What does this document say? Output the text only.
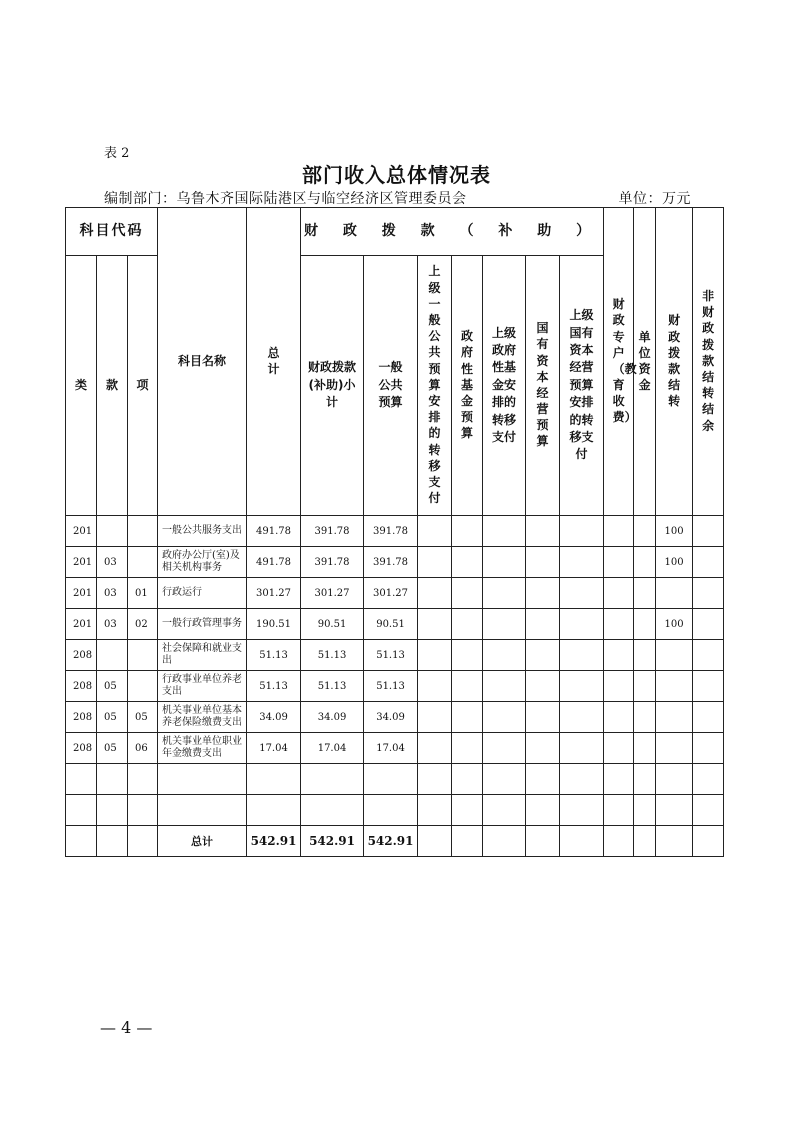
表 2
部门收入总体情况表
编制部门：乌鲁木齐国际陆港区与临空经济区管理委员会	单位：万元
科目代码			科目名称	总计	财 政 拨 款 （ 补 助 ）							财政专户（教育收费）	单位资金	财政拨款结转	非财政拨款结转结余
类	款	项			财政拨款(补助)小计	一般公共预算	上级一般公共预算安排的转移支付	政府性基金预算	上级政府性基金安排的转移支付	国有资本经营预算	上级国有资本经营预算安排的转移支付				
201			一般公共服务支出	491.78	391.78	391.78								100	
201	03		政府办公厅(室)及相关机构事务	491.78	391.78	391.78								100	
201	03	01	行政运行	301.27	301.27	301.27									
201	03	02	一般行政管理事务	190.51	90.51	90.51								100	
208			社会保障和就业支出	51.13	51.13	51.13									
208	05		行政事业单位养老支出	51.13	51.13	51.13									
208	05	05	机关事业单位基本养老保险缴费支出	34.09	34.09	34.09									
208	05	06	机关事业单位职业年金缴费支出	17.04	17.04	17.04									

			总计	542.91	542.91	542.91									
— 4 —
